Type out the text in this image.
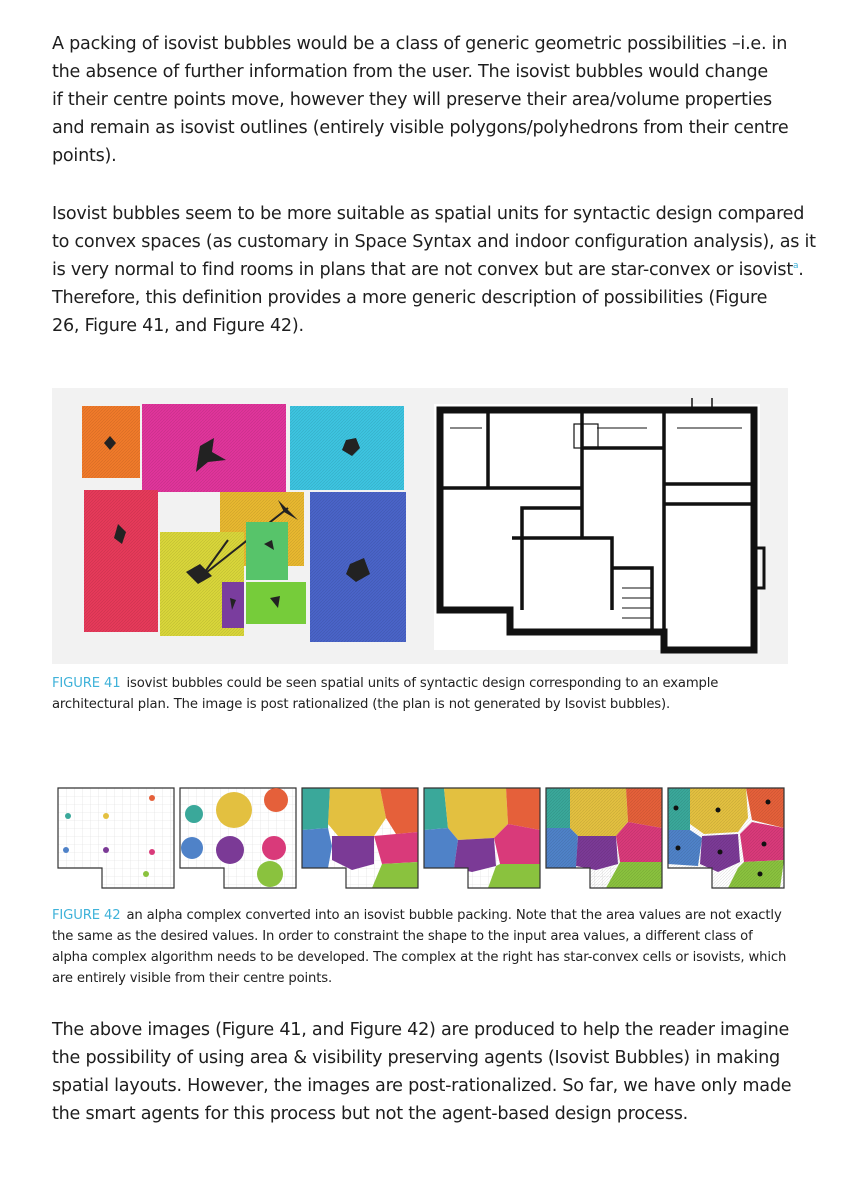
A packing of isovist bubbles would be a class of generic geometric possibilities –i.e. in
the absence of further information from the user. The isovist bubbles would change
if their centre points move, however they will preserve their area/volume properties
and remain as isovist outlines (entirely visible polygons/polyhedrons from their centre
points).
Isovist bubbles seem to be more suitable as spatial units for syntactic design compared
to convex spaces (as customary in Space Syntax and indoor configuration analysis), as it
is very normal to find rooms in plans that are not convex but are star-convex or isovist$^a$.
Therefore, this definition provides a more generic description of possibilities (Figure
26, Figure 41, and Figure 42).
FIGURE 41 isovist bubbles could be seen spatial units of syntactic design corresponding to an example
architectural plan. The image is post rationalized (the plan is not generated by Isovist bubbles).
FIGURE 42 an alpha complex converted into an isovist bubble packing. Note that the area values are not exactly
the same as the desired values. In order to constraint the shape to the input area values, a different class of
alpha complex algorithm needs to be developed. The complex at the right has star-convex cells or isovists, which
are entirely visible from their centre points.
The above images (Figure 41, and Figure 42) are produced to help the reader imagine
the possibility of using area & visibility preserving agents (Isovist Bubbles) in making
spatial layouts. However, the images are post-rationalized. So far, we have only made
the smart agents for this process but not the agent-based design process.
